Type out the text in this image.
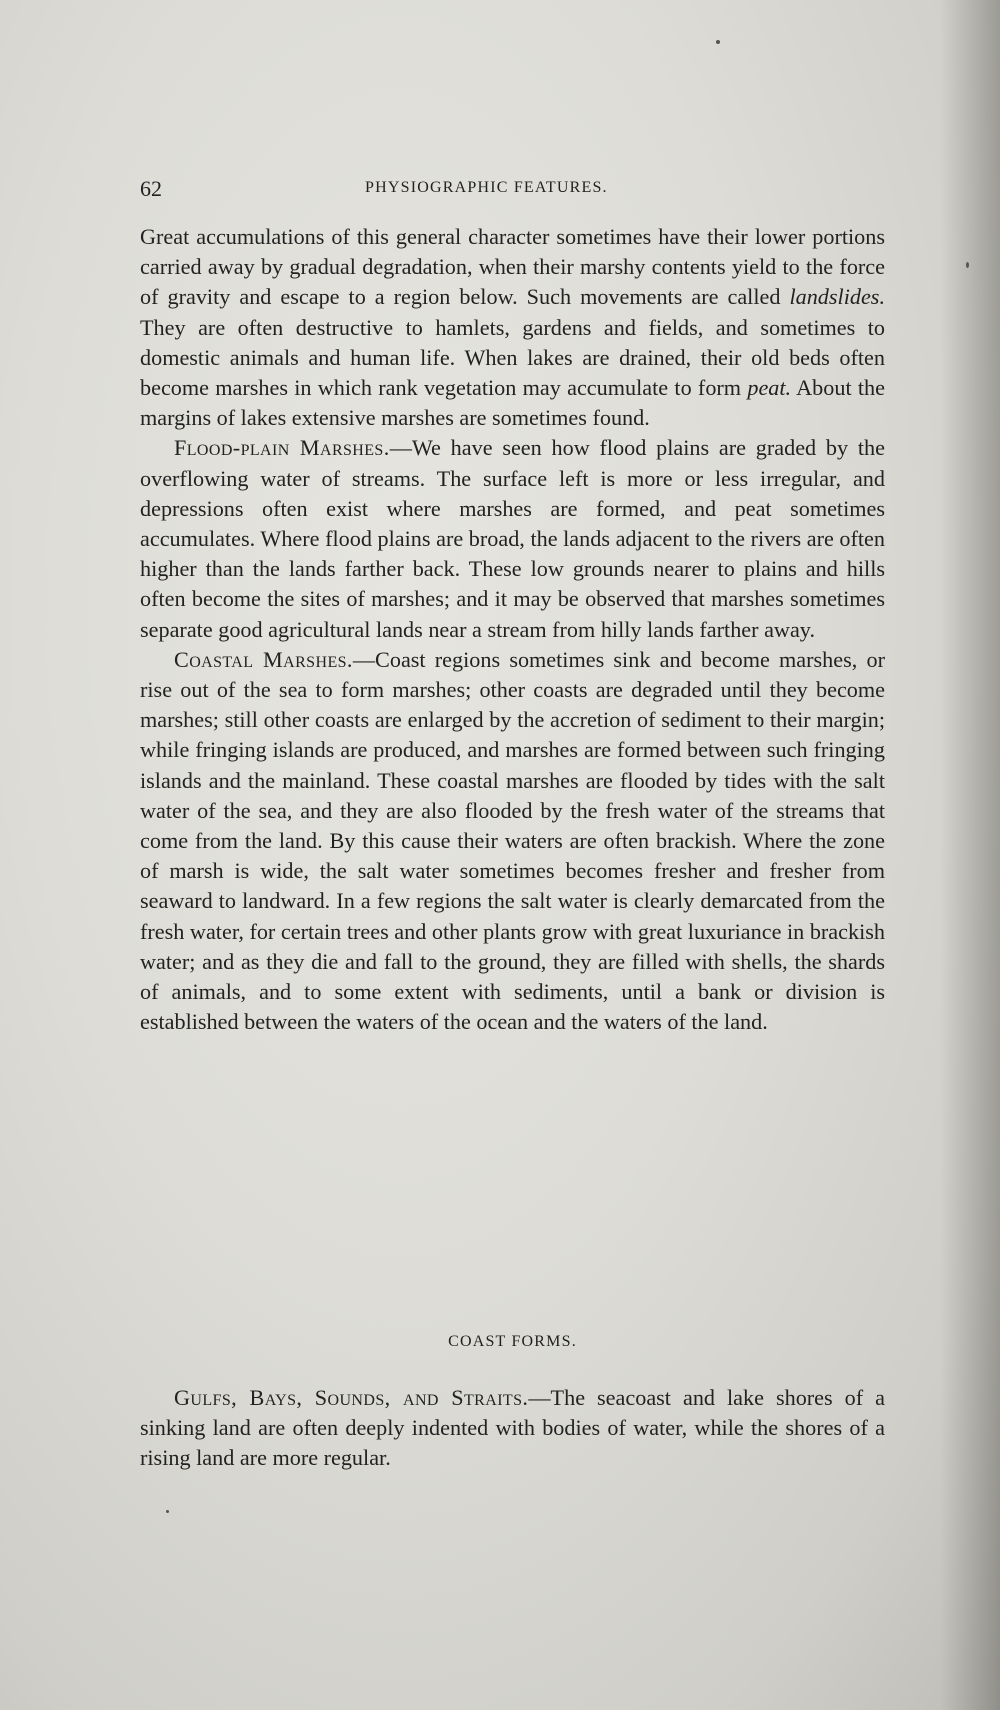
62	PHYSIOGRAPHIC FEATURES.

Great accumulations of this general character sometimes have their lower portions carried away by gradual degradation, when their marshy contents yield to the force of gravity and escape to a region below. Such movements are called landslides. They are often destructive to hamlets, gardens and fields, and sometimes to domestic animals and human life. When lakes are drained, their old beds often become marshes in which rank vegetation may accumulate to form peat. About the margins of lakes extensive marshes are sometimes found.

Flood-plain Marshes.—We have seen how flood plains are graded by the overflowing water of streams. The surface left is more or less irregular, and depressions often exist where marshes are formed, and peat sometimes accumulates. Where flood plains are broad, the lands adjacent to the rivers are often higher than the lands farther back. These low grounds nearer to plains and hills often become the sites of marshes; and it may be observed that marshes sometimes separate good agricultural lands near a stream from hilly lands farther away.

Coastal Marshes.—Coast regions sometimes sink and become marshes, or rise out of the sea to form marshes; other coasts are degraded until they become marshes; still other coasts are enlarged by the accretion of sediment to their margin; while fringing islands are produced, and marshes are formed between such fringing islands and the mainland. These coastal marshes are flooded by tides with the salt water of the sea, and they are also flooded by the fresh water of the streams that come from the land. By this cause their waters are often brackish. Where the zone of marsh is wide, the salt water sometimes becomes fresher and fresher from seaward to landward. In a few regions the salt water is clearly demarcated from the fresh water, for certain trees and other plants grow with great luxuriance in brackish water; and as they die and fall to the ground, they are filled with shells, the shards of animals, and to some extent with sediments, until a bank or division is established between the waters of the ocean and the waters of the land.

COAST FORMS.

Gulfs, Bays, Sounds, and Straits.—The seacoast and lake shores of a sinking land are often deeply indented with bodies of water, while the shores of a rising land are more regular.
